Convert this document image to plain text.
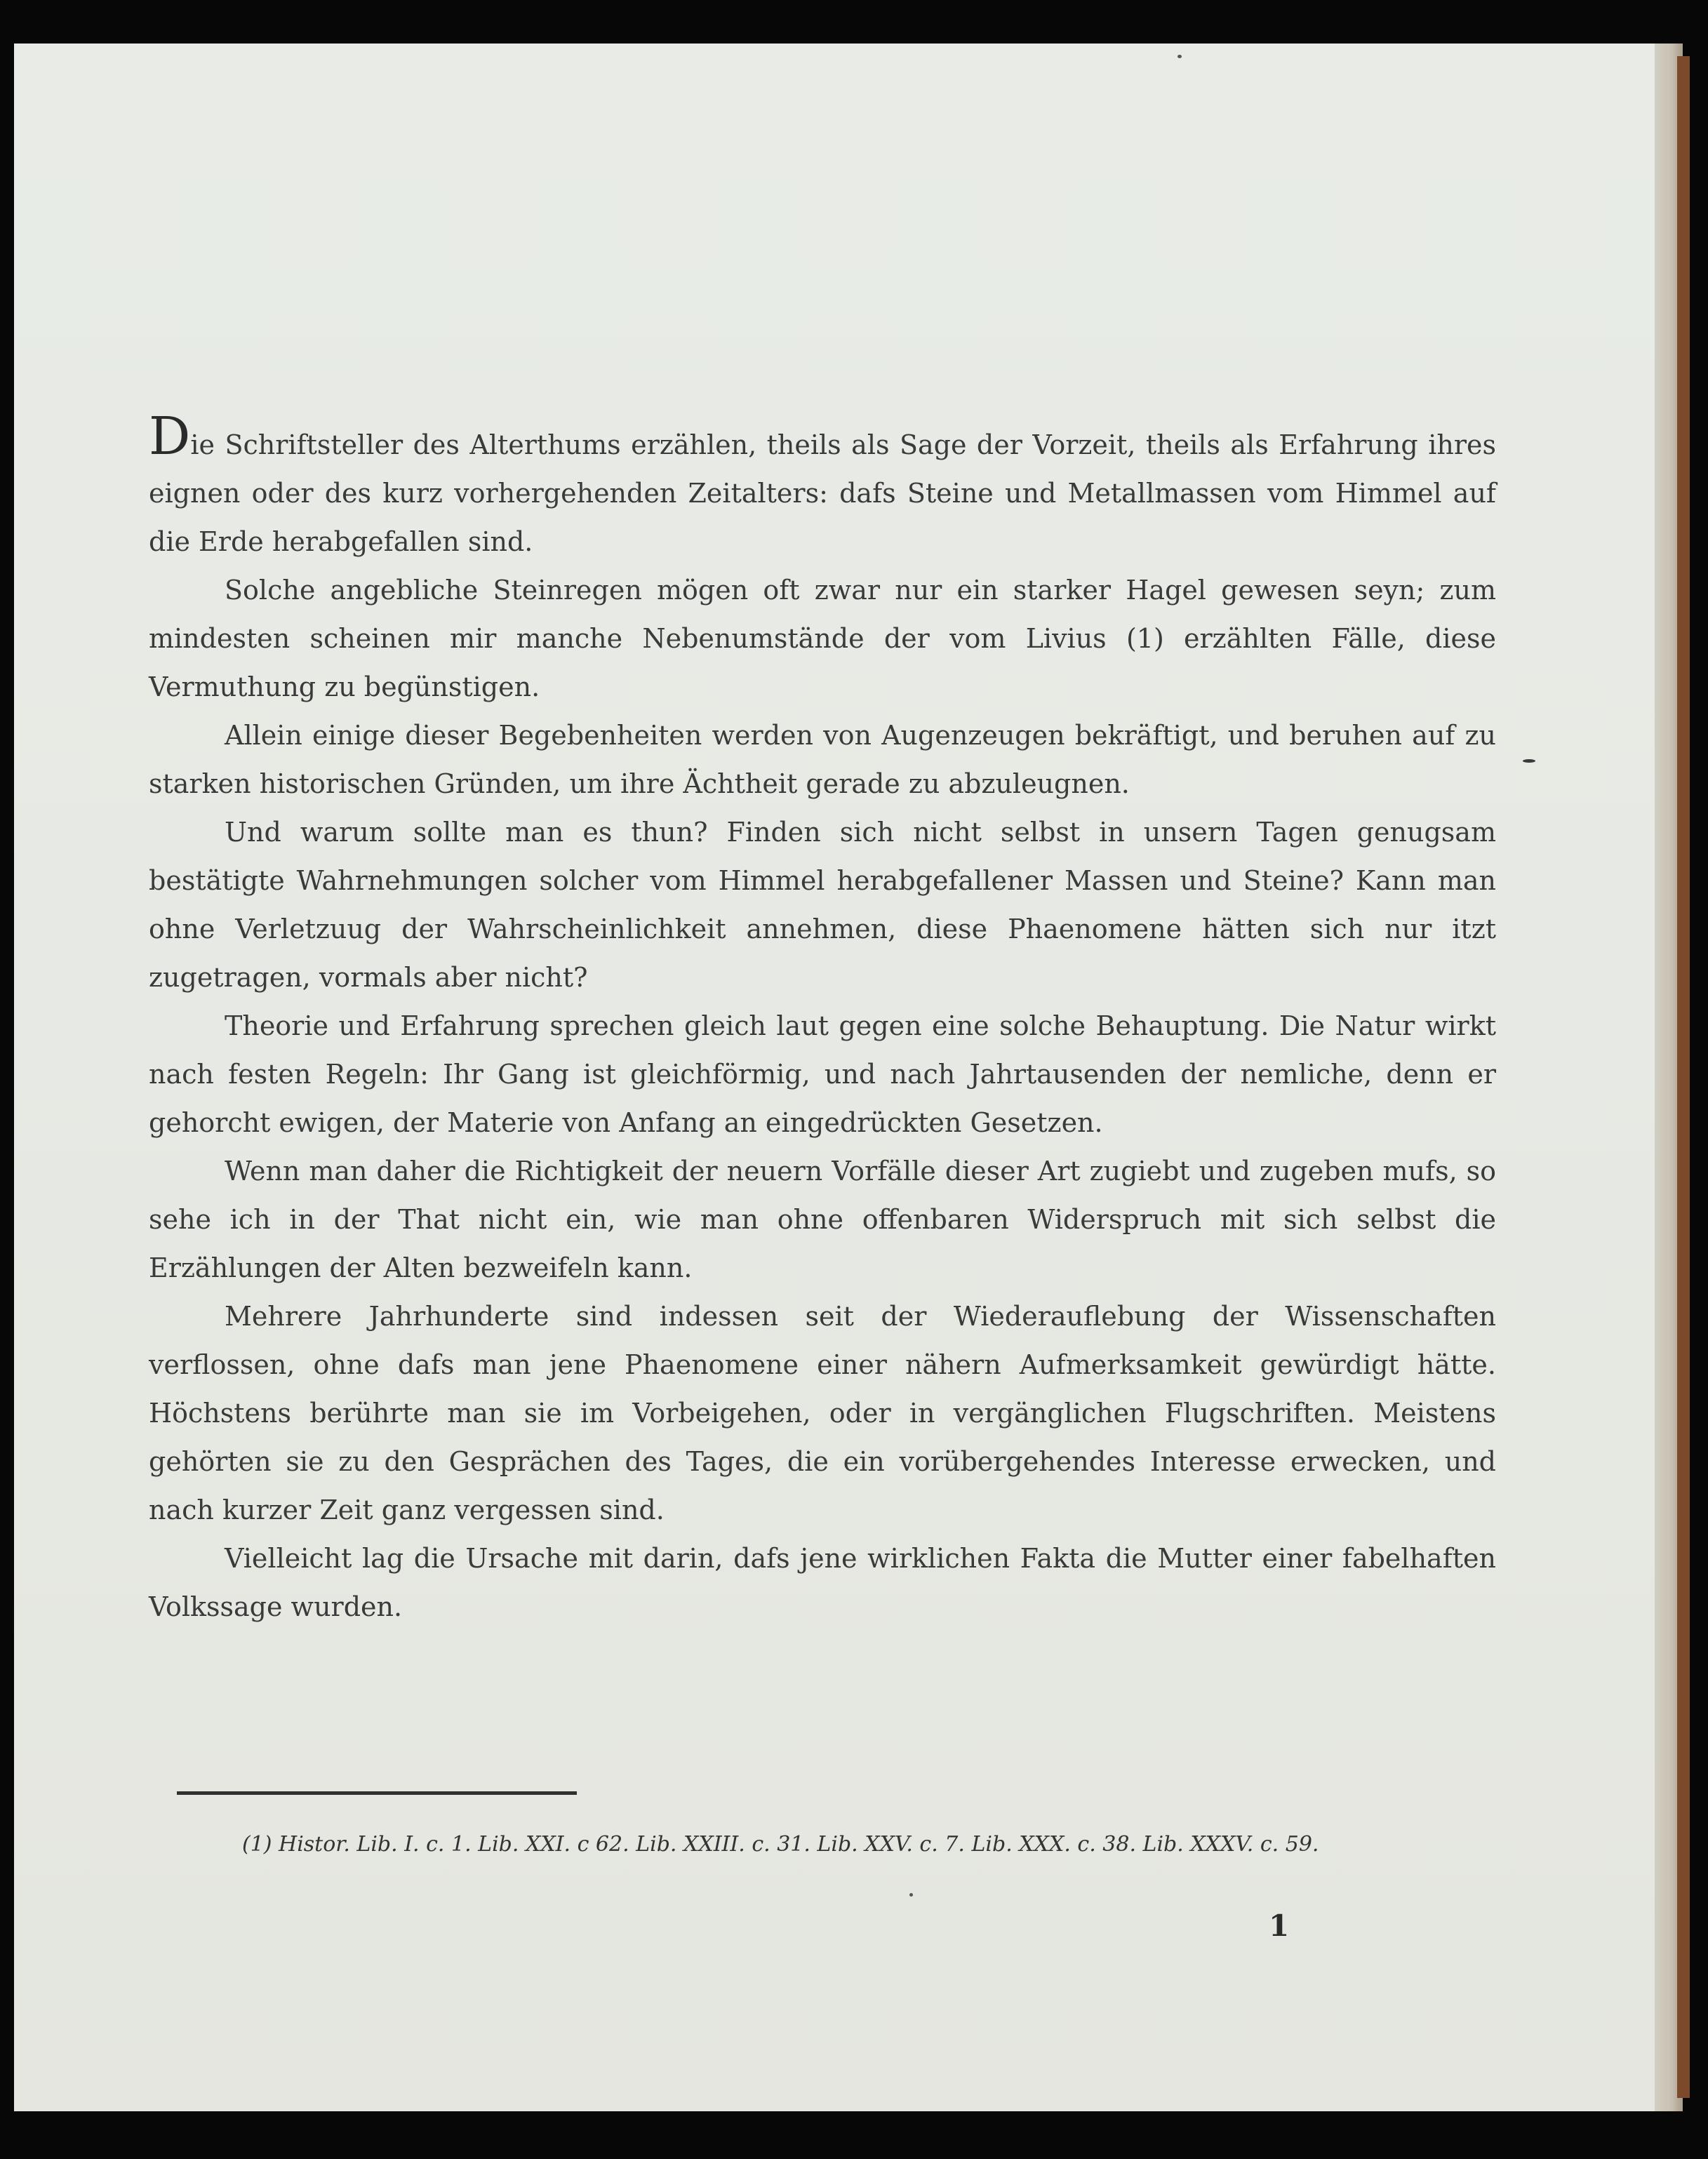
Die Schriftsteller des Alterthums erzählen, theils als Sage der Vorzeit, theils als Erfahrung ihres eignen oder des kurz vorhergehenden Zeitalters: dafs Steine und Metallmassen vom Himmel auf die Erde herabgefallen sind.

Solche angebliche Steinregen mögen oft zwar nur ein starker Hagel gewesen seyn; zum mindesten scheinen mir manche Nebenumstände der vom Livius (1) erzählten Fälle, diese Vermuthung zu begünstigen.

Allein einige dieser Begebenheiten werden von Augenzeugen bekräftigt, und beruhen auf zu starken historischen Gründen, um ihre Ächtheit gerade zu abzuleugnen.

Und warum sollte man es thun? Finden sich nicht selbst in unsern Tagen genugsam bestätigte Wahrnehmungen solcher vom Himmel herabgefallener Massen und Steine? Kann man ohne Verletzuug der Wahrscheinlichkeit annehmen, diese Phaenomene hätten sich nur itzt zugetragen, vormals aber nicht?

Theorie und Erfahrung sprechen gleich laut gegen eine solche Behauptung. Die Natur wirkt nach festen Regeln: Ihr Gang ist gleichförmig, und nach Jahrtausenden der nemliche, denn er gehorcht ewigen, der Materie von Anfang an eingedrückten Gesetzen.

Wenn man daher die Richtigkeit der neuern Vorfälle dieser Art zugiebt und zugeben mufs, so sehe ich in der That nicht ein, wie man ohne offenbaren Widerspruch mit sich selbst die Erzählungen der Alten bezweifeln kann.

Mehrere Jahrhunderte sind indessen seit der Wiederauflebung der Wissenschaften verflossen, ohne dafs man jene Phaenomene einer nähern Aufmerksamkeit gewürdigt hätte. Höchstens berührte man sie im Vorbeigehen, oder in vergänglichen Flugschriften. Meistens gehörten sie zu den Gesprächen des Tages, die ein vorübergehendes Interesse erwecken, und nach kurzer Zeit ganz vergessen sind.

Vielleicht lag die Ursache mit darin, dafs jene wirklichen Fakta die Mutter einer fabelhaften Volkssage wurden.

(1) Histor. Lib. I. c. 1. Lib. XXI. c 62. Lib. XXIII. c. 31. Lib. XXV. c. 7. Lib. XXX. c. 38. Lib. XXXV. c. 59.
1
